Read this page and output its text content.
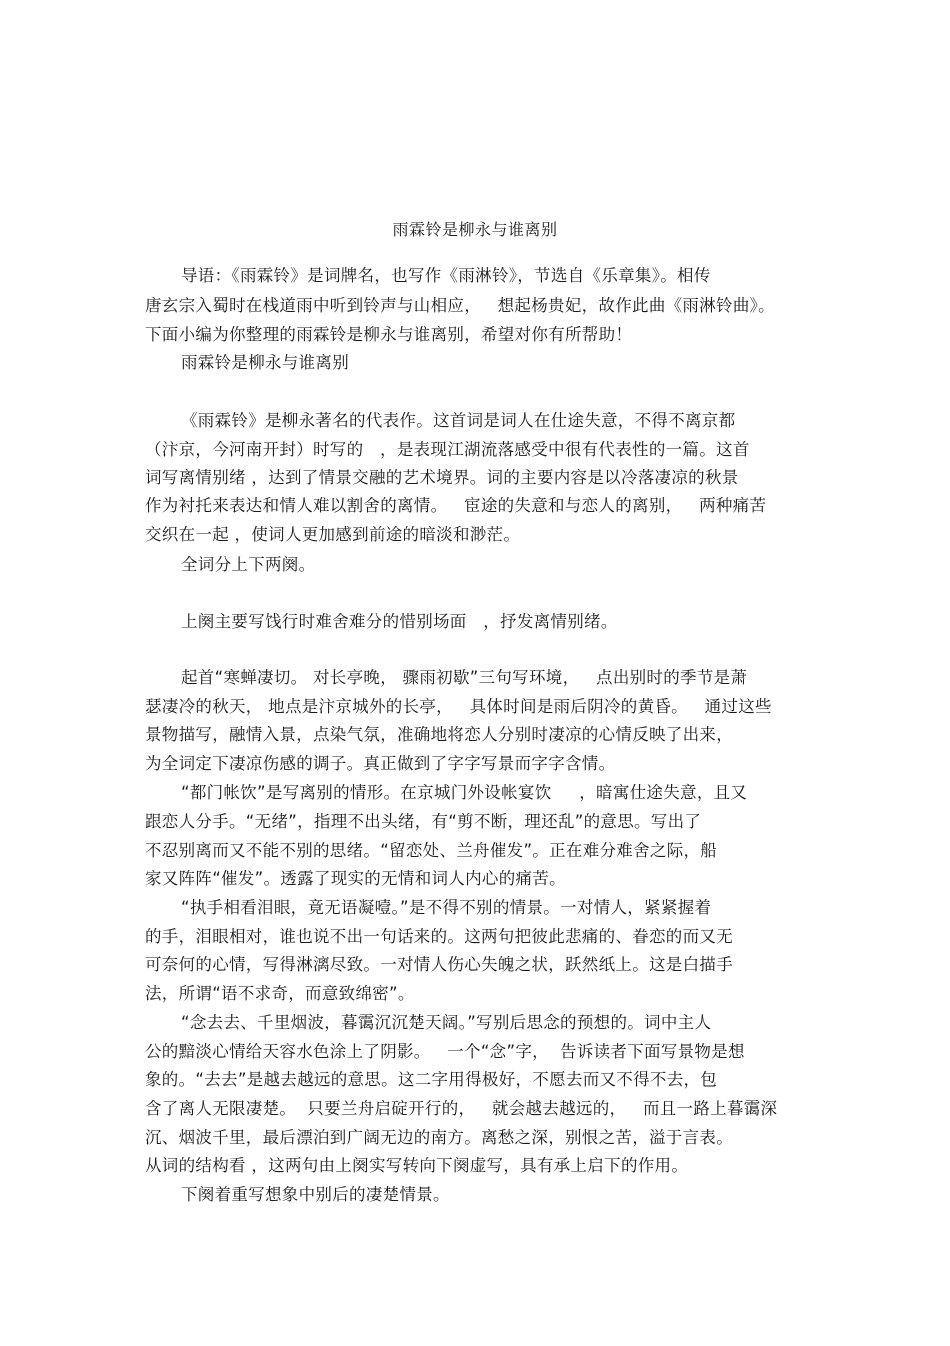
雨霖铃是柳永与谁离别
导语：《雨霖铃》是词牌名，也写作《雨淋铃》，节选自《乐章集》。相传
唐玄宗入蜀时在栈道雨中听到铃声与山相应，   想起杨贵妃，故作此曲《雨淋铃曲》。
下面小编为你整理的雨霖铃是柳永与谁离别，希望对你有所帮助！
雨霖铃是柳永与谁离别
《雨霖铃》是柳永著名的代表作。这首词是词人在仕途失意，不得不离京都
（汴京，今河南开封）时写的   ，是表现江湖流落感受中很有代表性的一篇。这首
词写离情别绪 ，达到了情景交融的艺术境界。词的主要内容是以冷落凄凉的秋景
作为衬托来表达和情人难以割舍的离情。   宦途的失意和与恋人的离别，   两种痛苦
交织在一起 ，使词人更加感到前途的暗淡和渺茫。
全词分上下两阕。
上阕主要写饯行时难舍难分的惜别场面   ，抒发离情别绪。
起首“寒蝉凄切。 对长亭晚， 骤雨初歇”三句写环境，   点出别时的季节是萧
瑟凄冷的秋天， 地点是汴京城外的长亭，   具体时间是雨后阴冷的黄昏。   通过这些
景物描写，融情入景，点染气氛，准确地将恋人分别时凄凉的心情反映了出来，
为全词定下凄凉伤感的调子。真正做到了字字写景而字字含情。
“都门帐饮”是写离别的情形。在京城门外设帐宴饮     ，暗寓仕途失意，且又
跟恋人分手。“无绪”，指理不出头绪，有“剪不断，理还乱”的意思。写出了
不忍别离而又不能不别的思绪。“留恋处、兰舟催发”。正在难分难舍之际，船
家又阵阵“催发”。透露了现实的无情和词人内心的痛苦。
“执手相看泪眼，竟无语凝噎。”是不得不别的情景。一对情人，紧紧握着
的手，泪眼相对，谁也说不出一句话来的。这两句把彼此悲痛的、眷恋的而又无
可奈何的心情，写得淋漓尽致。一对情人伤心失魄之状，跃然纸上。这是白描手
法，所谓“语不求奇，而意致绵密”。
“念去去、千里烟波，暮霭沉沉楚天阔。”写别后思念的预想的。词中主人
公的黯淡心情给天容水色涂上了阴影。   一个“念”字，  告诉读者下面写景物是想
象的。“去去”是越去越远的意思。这二字用得极好，不愿去而又不得不去，包
含了离人无限凄楚。  只要兰舟启碇开行的，   就会越去越远的，   而且一路上暮霭深
沉、烟波千里，最后漂泊到广阔无边的南方。离愁之深，别恨之苦，溢于言表。
从词的结构看 ，这两句由上阕实写转向下阕虚写，具有承上启下的作用。
下阕着重写想象中别后的凄楚情景。
